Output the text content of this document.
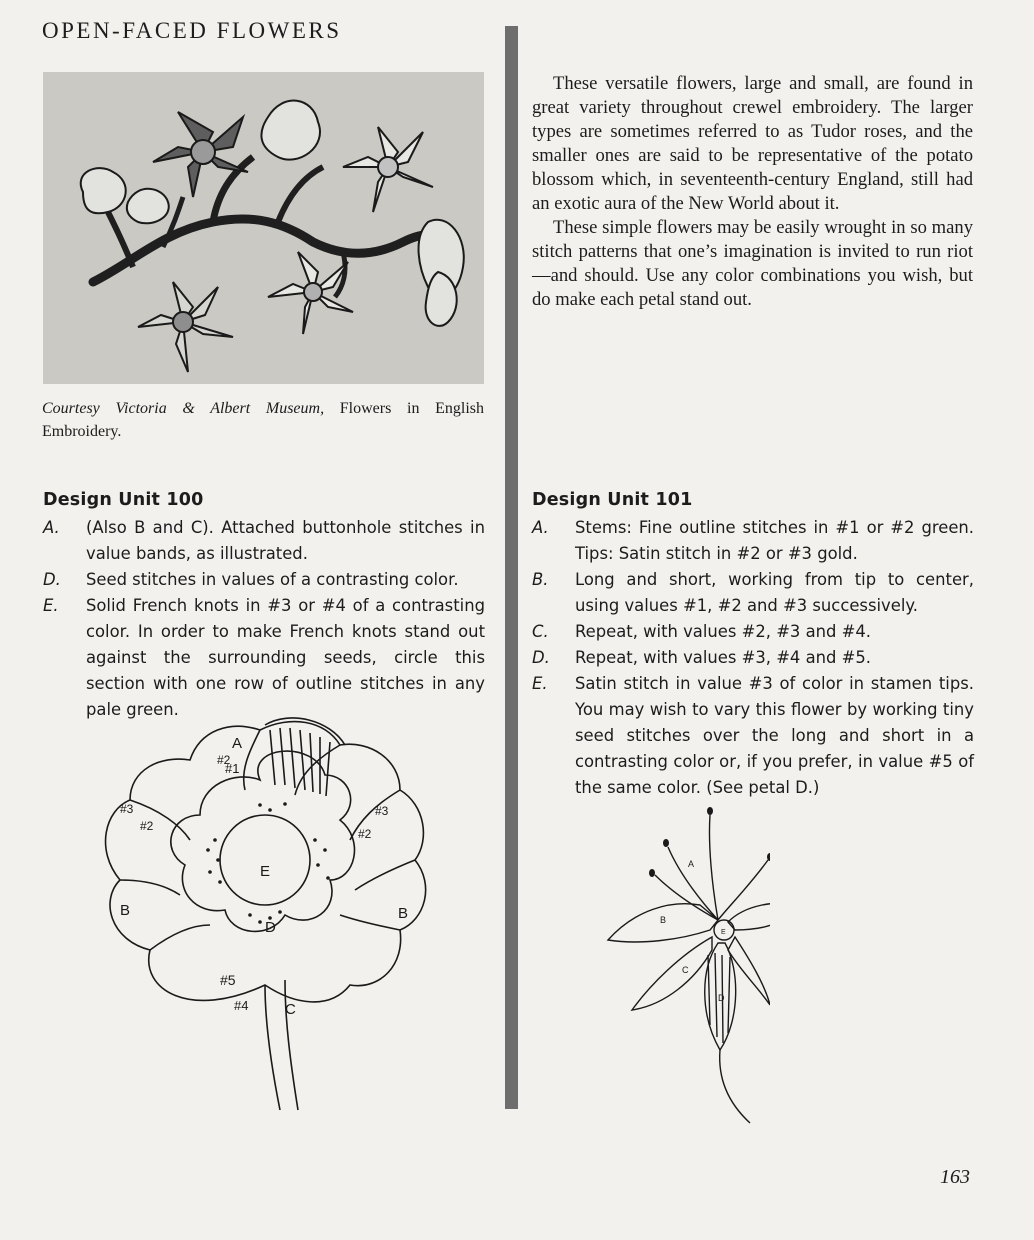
OPEN-FACED FLOWERS
Courtesy Victoria & Albert Museum, Flowers in English Embroidery.

These versatile flowers, large and small, are found in great variety throughout crewel embroidery. The larger types are sometimes referred to as Tudor roses, and the smaller ones are said to be representative of the potato blossom which, in seventeenth-century England, still had an exotic aura of the New World about it.

These simple flowers may be easily wrought in so many stitch patterns that one’s imagination is invited to run riot—and should. Use any color combinations you wish, but do make each petal stand out.

Design Unit 100
A.	(Also B and C). Attached buttonhole stitches in value bands, as illustrated.
D.	Seed stitches in values of a contrasting color.
E.	Solid French knots in #3 or #4 of a contrasting color. In order to make French knots stand out against the surrounding seeds, circle this section with one row of outline stitches in any pale green.
Design Unit 101
A.	Stems: Fine outline stitches in #1 or #2 green. Tips: Satin stitch in #2 or #3 gold.
B.	Long and short, working from tip to center, using values #1, #2 and #3 successively.
C.	Repeat, with values #2, #3 and #4.
D.	Repeat, with values #3, #4 and #5.
E.	Satin stitch in value #3 of color in stamen tips. You may wish to vary this flower by working tiny seed stitches over the long and short in a contrasting color or, if you prefer, in value #5 of the same color. (See petal D.)
A
B	B
C
D
E
#1
#2
#2
#2
#3	#3
#4
#5
A
B
C
D
E
163
